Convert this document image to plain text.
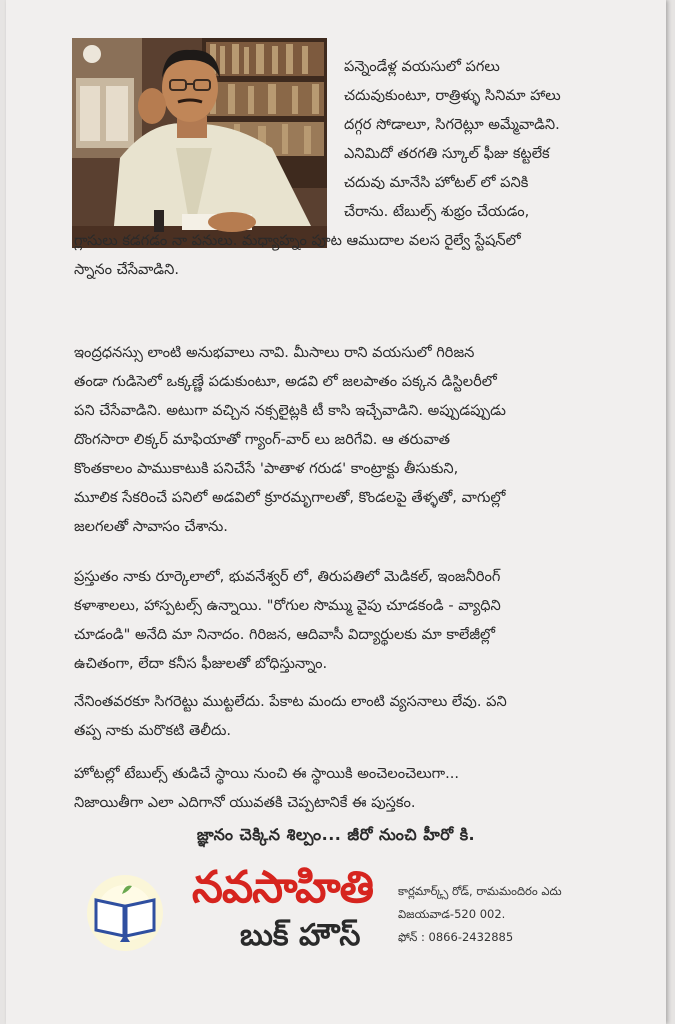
పన్నెండేళ్ల వయసులో పగలు
చదువుకుంటూ, రాత్రిళ్ళు సినిమా హాలు
దగ్గర సోడాలూ, సిగరెట్లూ అమ్మేవాడిని.
ఎనిమిదో తరగతి స్కూల్ ఫీజు కట్టలేక
చదువు మానేసి హోటల్ లో పనికి
చేరాను. టేబుల్స్ శుభ్రం చేయడం,
గ్లాసులు కడగడం నా పనులు. మధ్యాహ్నం పూట ఆముదాల వలస రైల్వే స్టేషన్‌లో
స్నానం చేసేవాడిని.
ఇంద్రధనస్సు లాంటి అనుభవాలు నావి. మీసాలు రాని వయసులో గిరిజన
తండా గుడిసెలో ఒక్కణ్ణే పడుకుంటూ, అడవి లో జలపాతం పక్కన డిస్టిలరీలో
పని చేసేవాడిని. అటుగా వచ్చిన నక్సలైట్లకి టీ కాసి ఇచ్చేవాడిని. అప్పుడప్పుడు
దొంగసారా లిక్కర్ మాఫియాతో గ్యాంగ్-వార్ లు జరిగేవి. ఆ తరువాత
కొంతకాలం పాముకాటుకి పనిచేసే 'పాతాళ గరుడ' కాంట్రాక్టు తీసుకుని,
మూలిక సేకరించే పనిలో అడవిలో క్రూరమృగాలతో, కొండలపై తేళ్ళతో, వాగుల్లో
జలగలతో సావాసం చేశాను.
ప్రస్తుతం నాకు రూర్కెలాలో, భువనేశ్వర్ లో, తిరుపతిలో మెడికల్, ఇంజనీరింగ్
కళాశాలలు, హాస్పటల్స్ ఉన్నాయి. "రోగుల సొమ్ము వైపు చూడకండి - వ్యాధిని
చూడండి" అనేది మా నినాదం. గిరిజన, ఆదివాసీ విద్యార్థులకు మా కాలేజీల్లో
ఉచితంగా, లేదా కనీస ఫీజులతో బోధిస్తున్నాం.
నేనింతవరకూ సిగరెట్టు ముట్టలేదు. పేకాట మందు లాంటి వ్యసనాలు లేవు. పని
తప్ప నాకు మరొకటి తెలీదు.
హోటల్లో టేబుల్స్ తుడిచే స్థాయి నుంచి ఈ స్థాయికి అంచెలంచెలుగా...
నిజాయితీగా ఎలా ఎదిగానో యువతకి చెప్పటానికే ఈ పుస్తకం.
జ్ఞానం చెక్కిన శిల్పం... జీరో నుంచి హీరో కి.
నవసాహితి
బుక్ హౌస్
కార్లమార్క్స్ రోడ్, రామమందిరం ఎదు
విజయవాడ-520 002.
ఫోన్ : 0866-2432885
